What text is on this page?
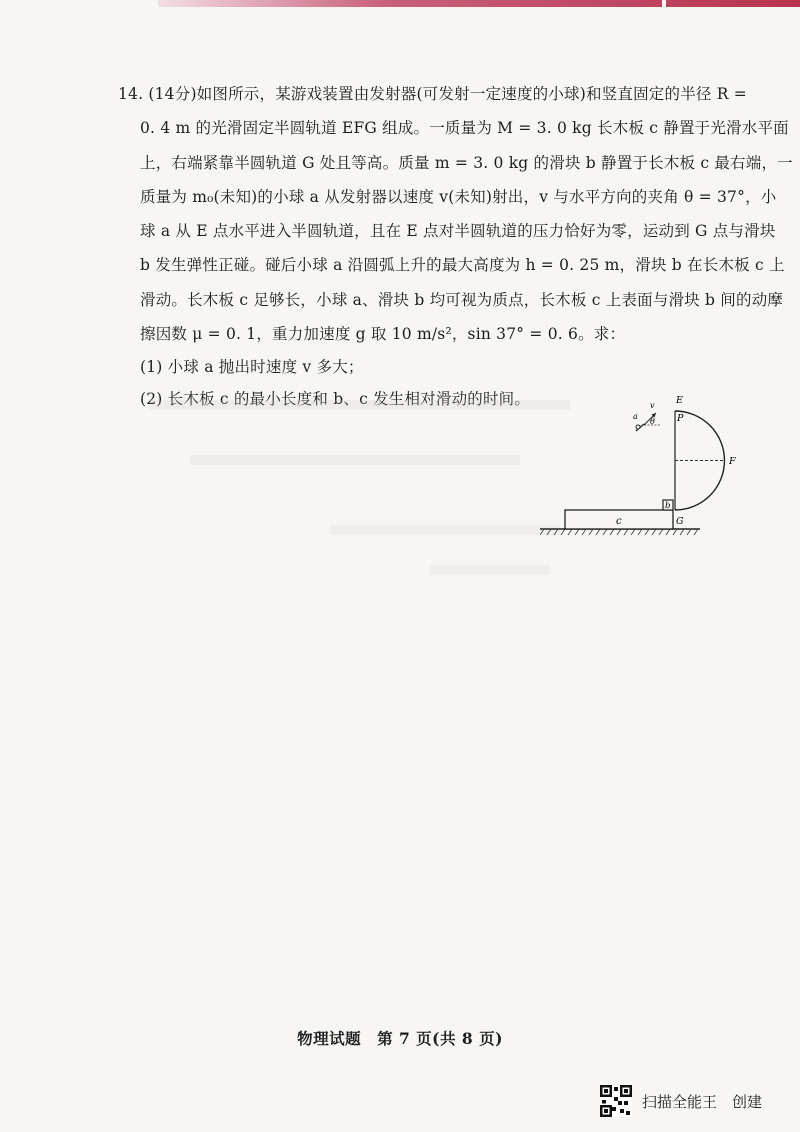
14. (14分)如图所示，某游戏装置由发射器(可发射一定速度的小球)和竖直固定的半径 R =
0. 4 m 的光滑固定半圆轨道 EFG 组成。一质量为 M = 3. 0 kg 长木板 c 静置于光滑水平面
上，右端紧靠半圆轨道 G 处且等高。质量 m = 3. 0 kg 的滑块 b 静置于长木板 c 最右端，一
质量为 m₀(未知)的小球 a 从发射器以速度 v(未知)射出，v 与水平方向的夹角 θ = 37°，小
球 a 从 E 点水平进入半圆轨道，且在 E 点对半圆轨道的压力恰好为零，运动到 G 点与滑块
b 发生弹性正碰。碰后小球 a 沿圆弧上升的最大高度为 h = 0. 25 m，滑块 b 在长木板 c 上
滑动。长木板 c 足够长，小球 a、滑块 b 均可视为质点，长木板 c 上表面与滑块 b 间的动摩
擦因数 μ = 0. 1，重力加速度 g 取 10 m/s²，sin 37° = 0. 6。求：
(1) 小球 a 抛出时速度 v 多大；
(2) 长木板 c 的最小长度和 b、c 发生相对滑动的时间。
c
b
E
P
F
G
a
v
θ
物理试题　第 7 页(共 8 页)
扫描全能王　创建
